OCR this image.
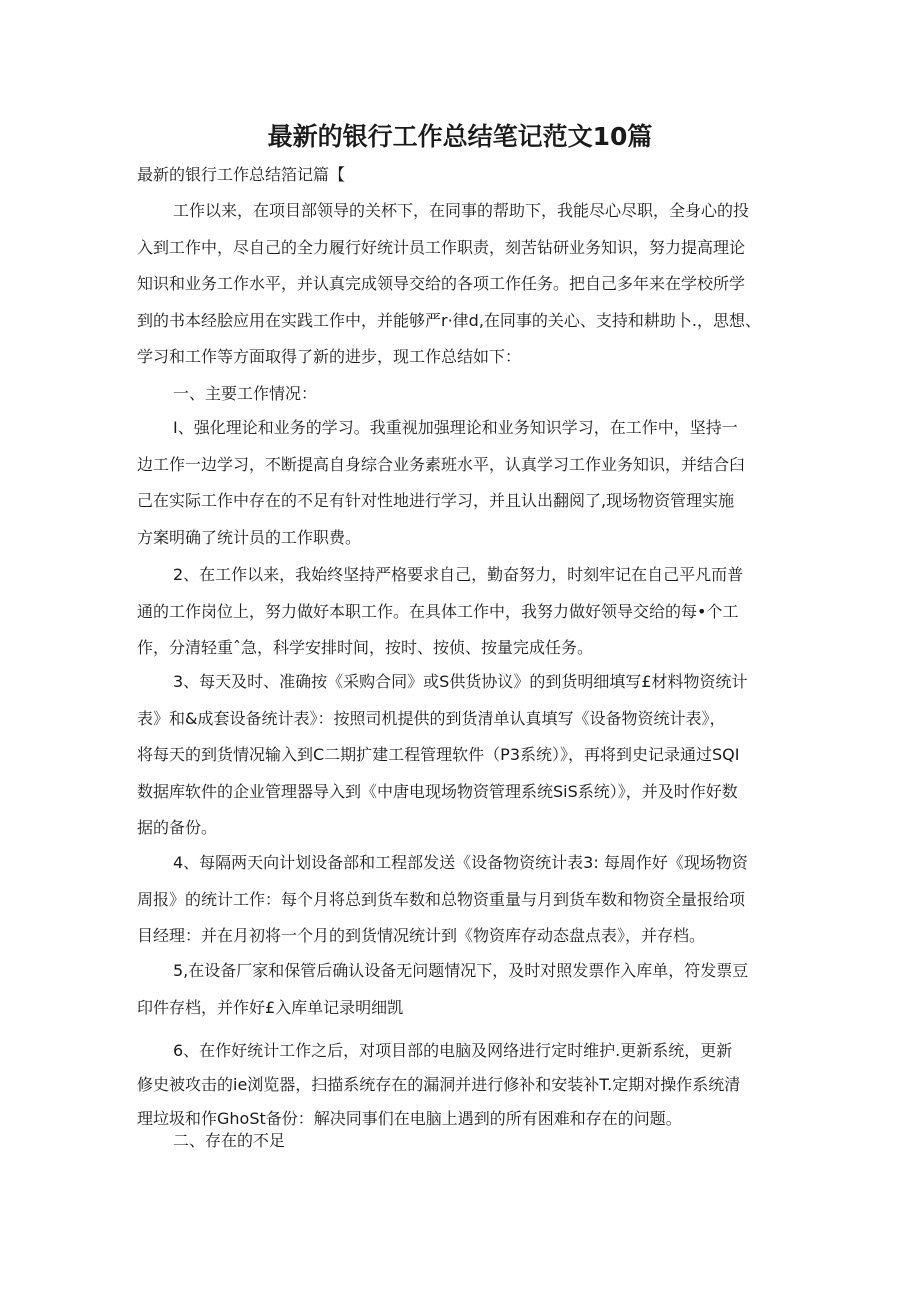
最新的银行工作总结笔记范文10篇
最新的银行工作总结箔记篇【
工作以来，在项目部领导的关杯下，在同事的帮助下，我能尽心尽职，全身心的投
入到工作中，尽自己的全力履行好统计员工作职责，刻苦钻研业务知识，努力提高理论
知识和业务工作水平，并认真完成领导交给的各项工作任务。把自己多年来在学校所学
到的书本经脍应用在实践工作中，并能够严r·律d,在同事的关心、支持和耕助卜.，思想、
学习和工作等方面取得了新的进步，现工作总结如下：
一、主要工作情况：
I、强化理论和业务的学习。我重视加强理论和业务知识学习，在工作中，坚持一
边工作一边学习，不断提高自身综合业务素班水平，认真学习工作业务知识，并结合臼
己在实际工作中存在的不足有针对性地进行学习，并且认出翻阅了,现场物资管理实施
方案明确了统计员的工作职费。
2、在工作以来，我始终坚持严格要求自己，勤奋努力，时刻牢记在自己平凡而普
通的工作岗位上，努力做好本职工作。在具体工作中，我努力做好领导交给的每•个工
作，分清轻重ˆ急，科学安排时间，按时、按侦、按量完成任务。
3、每天及时、准确按《采购合同》或S供货协议》的到货明细填写£材料物资统计
表》和&成套设备统计表》：按照司机提供的到货清单认真填写《设备物资统计表》，
将每天的到货情况输入到C二期扩建工程管理软件（P3系统）》，再将到史记录通过SQI
数据库软件的企业管理器导入到《中唐电现场物资管理系统SiS系统）》，并及时作好数
据的备份。
4、每隔两天向计划设备部和工程部发送《设备物资统计表3: 每周作好《现场物资
周报》的统计工作：每个月将总到货车数和总物资重量与月到货车数和物资全量报给项
目经理：并在月初将一个月的到货情况统计到《物资库存动态盘点表》，并存档。
5,在设备厂家和保管后确认设备无问题情况下，及时对照发票作入库单，符发票豆
印件存档，并作好£入库单记录明细凯
6、在作好统计工作之后，对项目部的电脑及网络进行定时维护.更新系统，更新
修史被攻击的ie浏览器，扫描系统存在的漏洞并进行修补和安装补T.定期对操作系统清
理垃圾和作GhoSt备份：解决同事们在电脑上遇到的所有困难和存在的问题。
二、存在的不足
